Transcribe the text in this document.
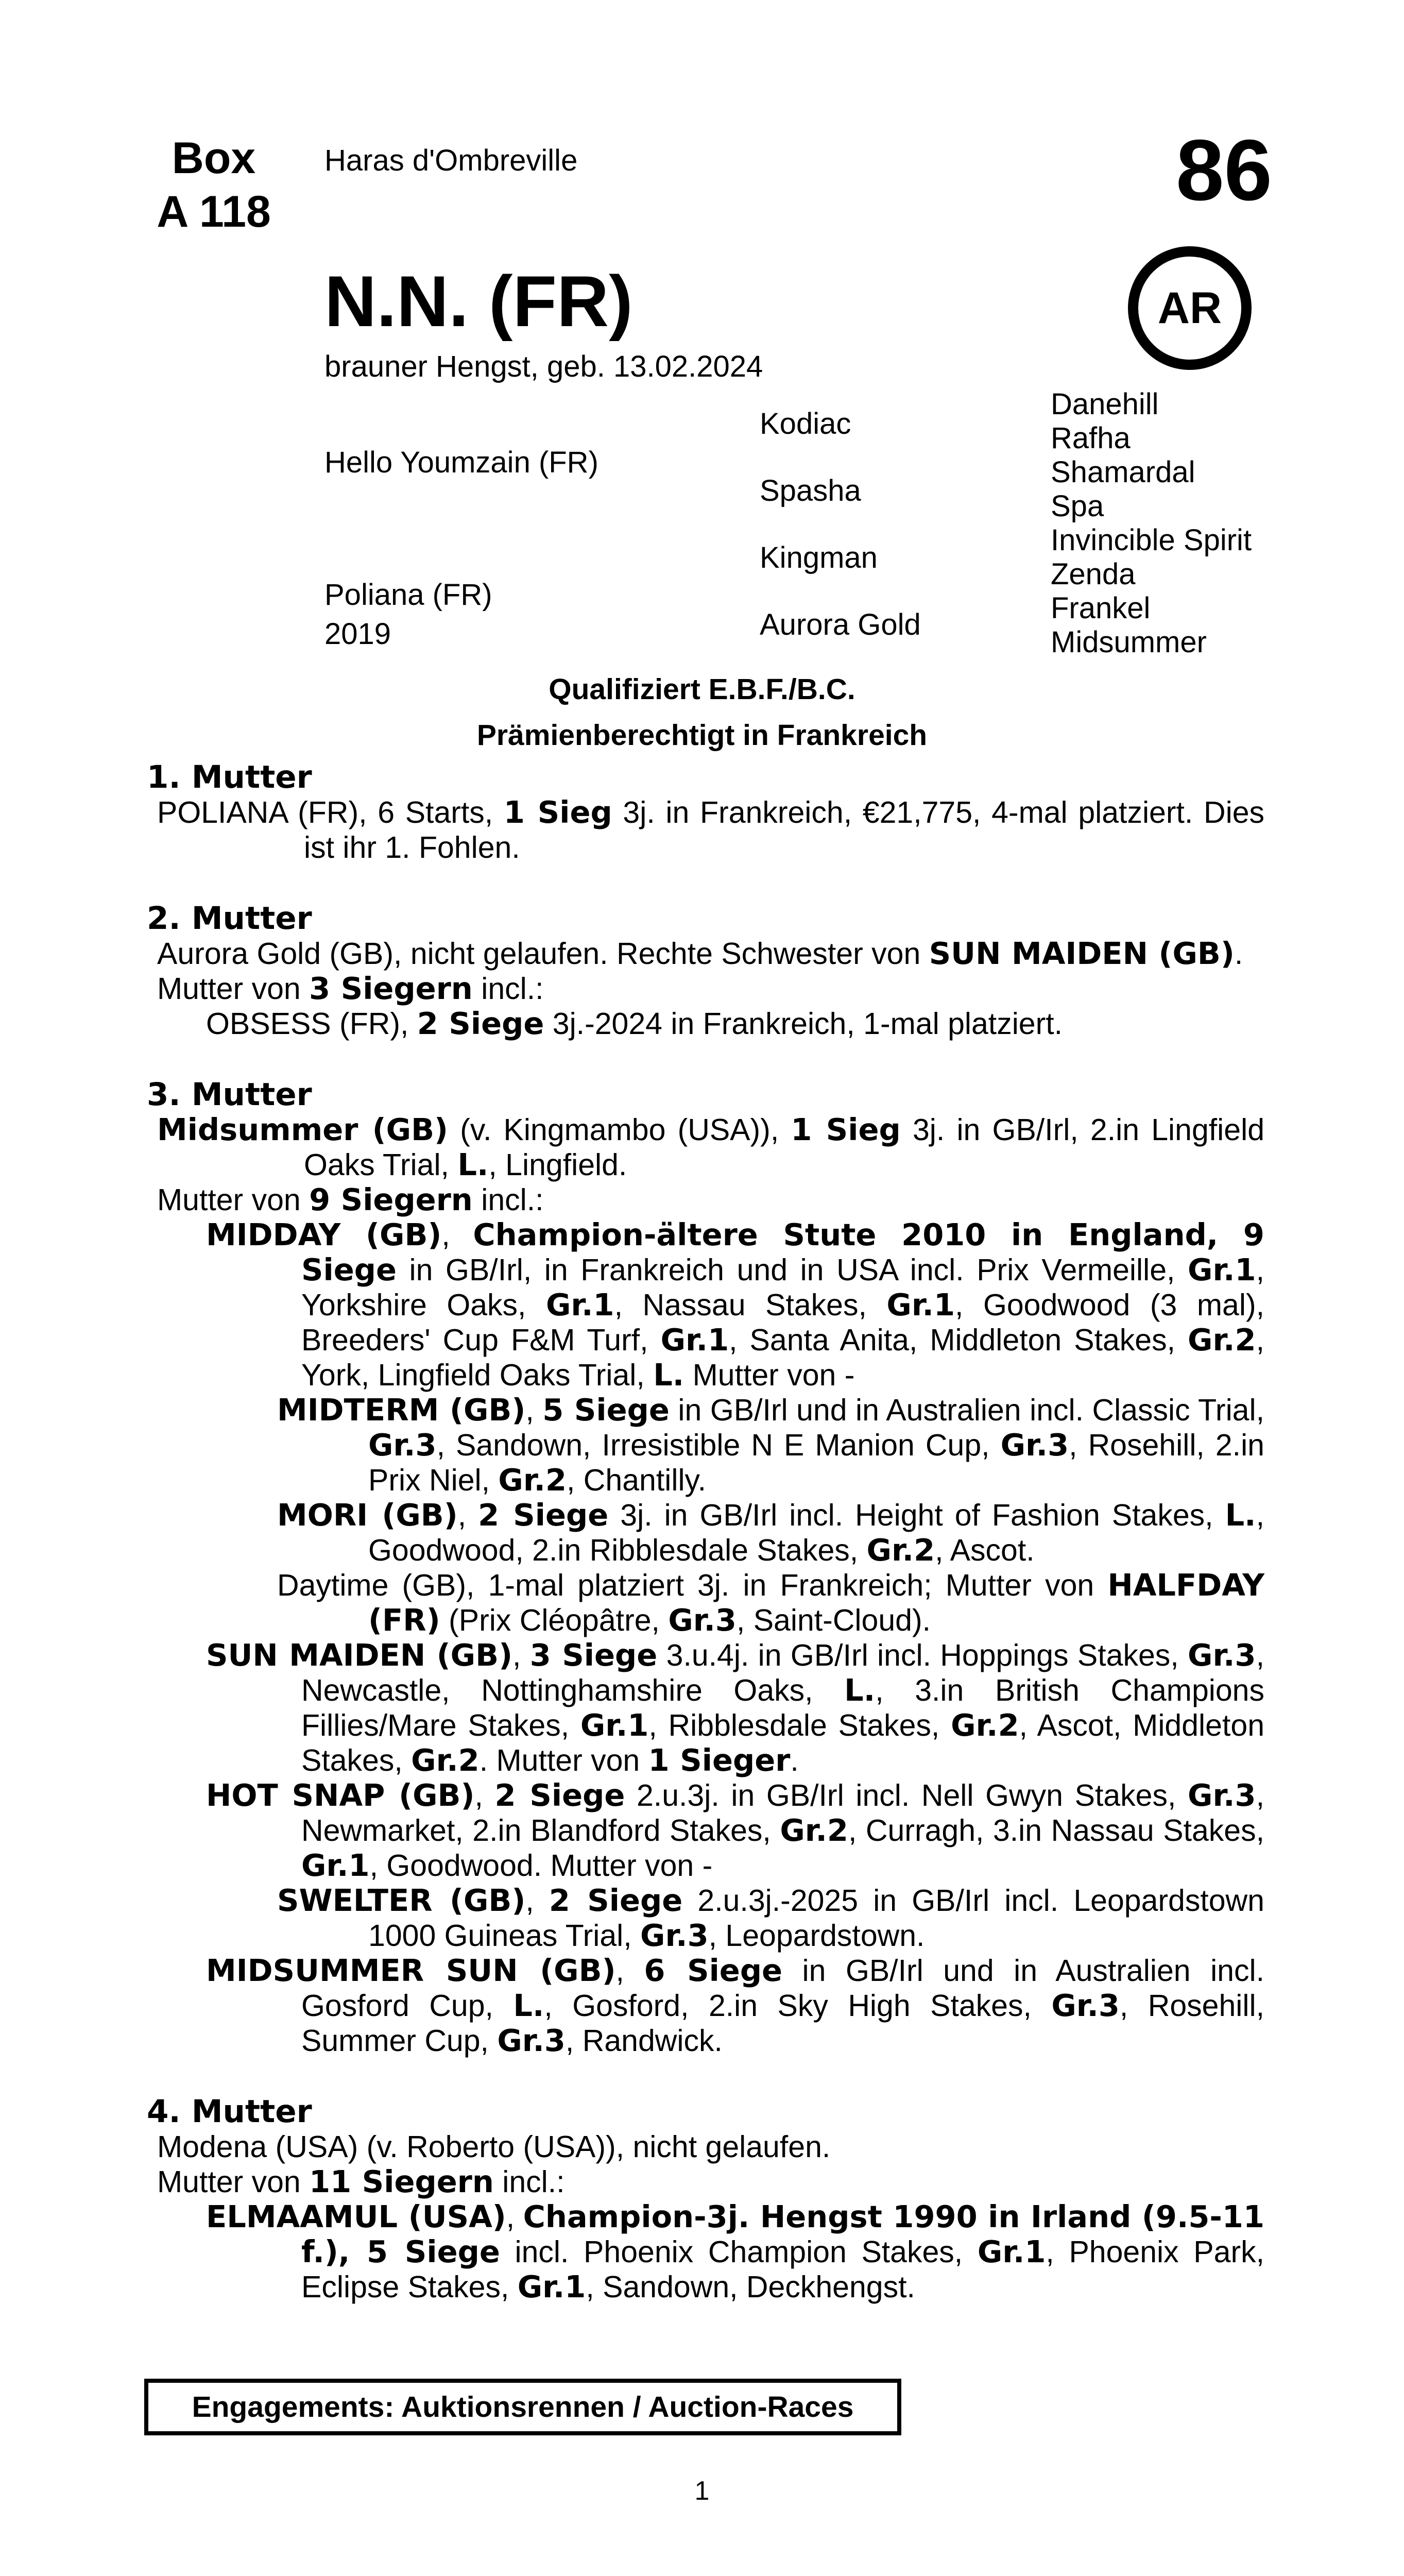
Box
A 118
Haras d'Ombreville	86
AR
N.N. (FR)
brauner Hengst, geb. 13.02.2024
Hello Youmzain (FR)
Poliana (FR)
2019
Kodiac
Spasha
Kingman
Aurora Gold
Danehill
Rafha
Shamardal
Spa
Invincible Spirit
Zenda
Frankel
Midsummer
Qualifiziert E.B.F./B.C.
Prämienberechtigt in Frankreich
1. Mutter

POLIANA (FR), 6 Starts, 1 Sieg 3j. in Frankreich, €21,775, 4-mal platziert. Dies ist ihr 1. Fohlen.

2. Mutter

Aurora Gold (GB), nicht gelaufen. Rechte Schwester von SUN MAIDEN (GB).

Mutter von 3 Siegern incl.:

OBSESS (FR), 2 Siege 3j.-2024 in Frankreich, 1-mal platziert.

3. Mutter

Midsummer (GB) (v. Kingmambo (USA)), 1 Sieg 3j. in GB/Irl, 2.in Lingfield Oaks Trial, L., Lingfield.

Mutter von 9 Siegern incl.:

MIDDAY (GB), Champion-ältere Stute 2010 in England, 9 Siege in GB/Irl, in Frankreich und in USA incl. Prix Vermeille, Gr.1, Yorkshire Oaks, Gr.1, Nassau Stakes, Gr.1, Goodwood (3 mal), Breeders' Cup F&M Turf, Gr.1, Santa Anita, Middleton Stakes, Gr.2, York, Lingfield Oaks Trial, L. Mutter von -

MIDTERM (GB), 5 Siege in GB/Irl und in Australien incl. Classic Trial, Gr.3, Sandown, Irresistible N E Manion Cup, Gr.3, Rosehill, 2.in Prix Niel, Gr.2, Chantilly.

MORI (GB), 2 Siege 3j. in GB/Irl incl. Height of Fashion Stakes, L., Goodwood, 2.in Ribblesdale Stakes, Gr.2, Ascot.

Daytime (GB), 1-mal platziert 3j. in Frankreich; Mutter von HALFDAY (FR) (Prix Cléopâtre, Gr.3, Saint-Cloud).

SUN MAIDEN (GB), 3 Siege 3.u.4j. in GB/Irl incl. Hoppings Stakes, Gr.3, Newcastle, Nottinghamshire Oaks, L., 3.in British Champions Fillies/Mare Stakes, Gr.1, Ribblesdale Stakes, Gr.2, Ascot, Middleton Stakes, Gr.2. Mutter von 1 Sieger.

HOT SNAP (GB), 2 Siege 2.u.3j. in GB/Irl incl. Nell Gwyn Stakes, Gr.3, Newmarket, 2.in Blandford Stakes, Gr.2, Curragh, 3.in Nassau Stakes, Gr.1, Goodwood. Mutter von -

SWELTER (GB), 2 Siege 2.u.3j.-2025 in GB/Irl incl. Leopardstown 1000 Guineas Trial, Gr.3, Leopardstown.

MIDSUMMER SUN (GB), 6 Siege in GB/Irl und in Australien incl. Gosford Cup, L., Gosford, 2.in Sky High Stakes, Gr.3, Rosehill, Summer Cup, Gr.3, Randwick.

4. Mutter

Modena (USA) (v. Roberto (USA)), nicht gelaufen.

Mutter von 11 Siegern incl.:

ELMAAMUL (USA), Champion-3j. Hengst 1990 in Irland (9.5-11 f.), 5 Siege incl. Phoenix Champion Stakes, Gr.1, Phoenix Park, Eclipse Stakes, Gr.1, Sandown, Deckhengst.

Engagements: Auktionsrennen / Auction-Races
1
